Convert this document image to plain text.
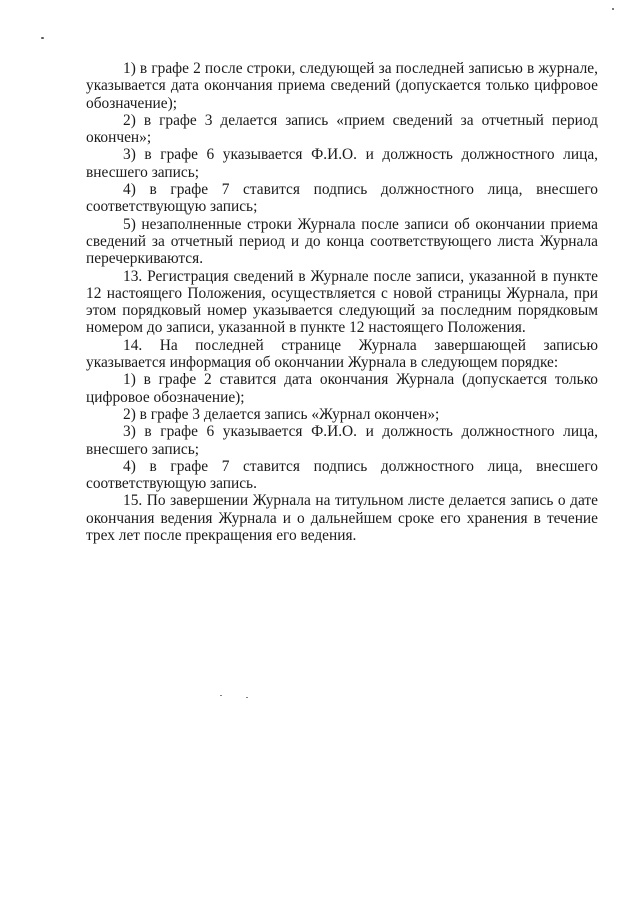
1) в графе 2 после строки, следующей за последней записью в журнале, указывается дата окончания приема сведений (допускается только цифровое обозначение);

2) в графе 3 делается запись «прием сведений за отчетный период окончен»;

3) в графе 6 указывается Ф.И.О. и должность должностного лица, внесшего запись;

4) в графе 7 ставится подпись должностного лица, внесшего соответствующую запись;

5) незаполненные строки Журнала после записи об окончании приема сведений за отчетный период и до конца соответствующего листа Журнала перечеркиваются.

13. Регистрация сведений в Журнале после записи, указанной в пункте 12 настоящего Положения, осуществляется с новой страницы Журнала, при этом порядковый номер указывается следующий за последним порядковым номером до записи, указанной в пункте 12 настоящего Положения.

14. На последней странице Журнала завершающей записью указывается информация об окончании Журнала в следующем порядке:

1) в графе 2 ставится дата окончания Журнала (допускается только цифровое обозначение);

2) в графе 3 делается запись «Журнал окончен»;

3) в графе 6 указывается Ф.И.О. и должность должностного лица, внесшего запись;

4) в графе 7 ставится подпись должностного лица, внесшего соответствующую запись.

15. По завершении Журнала на титульном листе делается запись о дате окончания ведения Журнала и о дальнейшем сроке его хранения в течение трех лет после прекращения его ведения.
